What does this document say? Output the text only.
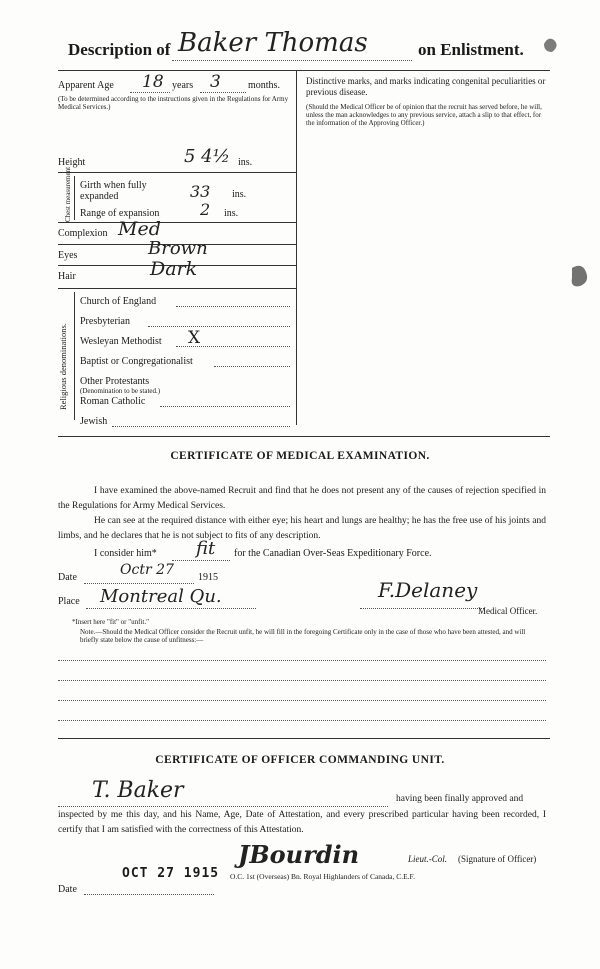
Description of Baker Thomas	on Enlistment.
Apparent Age 18 years 3	months.
(To be determined according to the instructions given in the Regulations for Army Medical Services.)
Distinctive marks, and marks indicating congenital peculiarities or previous disease.
(Should the Medical Officer be of opinion that the recruit has served before, he will, unless the man acknowledges to any previous service, attach a slip to that effect, for the information of the Approving Officer.)
Height	5 4½ ins.
Chest measurement Girth when fully expanded	33 ins.
Range of expansion	2 ins.
Complexion Med
Eyes	Brown
Hair	Dark
Religious denominations.
Church of England
Presbyterian
Wesleyan Methodist X
Baptist or Congregationalist
Other Protestants
(Denomination to be stated.)
Roman Catholic
Jewish
CERTIFICATE OF MEDICAL EXAMINATION.
I have examined the above-named Recruit and find that he does not present any of the causes of rejection specified in the Regulations for Army Medical Services.
He can see at the required distance with either eye; his heart and lungs are healthy; he has the free use of his joints and limbs, and he declares that he is not subject to fits of any description.
I consider him* fit for the Canadian Over-Seas Expeditionary Force.
Date	Octr 27 1915
Place Montreal Qu.	F.Delaney
Medical Officer.
*Insert here "fit" or "unfit."
Note.—Should the Medical Officer consider the Recruit unfit, he will fill in the foregoing Certificate only in the case of those who have been attested, and will briefly state below the cause of unfitness:—
CERTIFICATE OF OFFICER COMMANDING UNIT.
T. Baker	having been finally approved and
inspected by me this day, and his Name, Age, Date of Attestation, and every prescribed particular having been recorded, I certify that I am satisfied with the correctness of this Attestation.
JBourdin	Lieut.-Col. (Signature of Officer)
OCT 27 1915 O.C. 1st (Overseas) Bn. Royal Highlanders of Canada, C.E.F.
Date
